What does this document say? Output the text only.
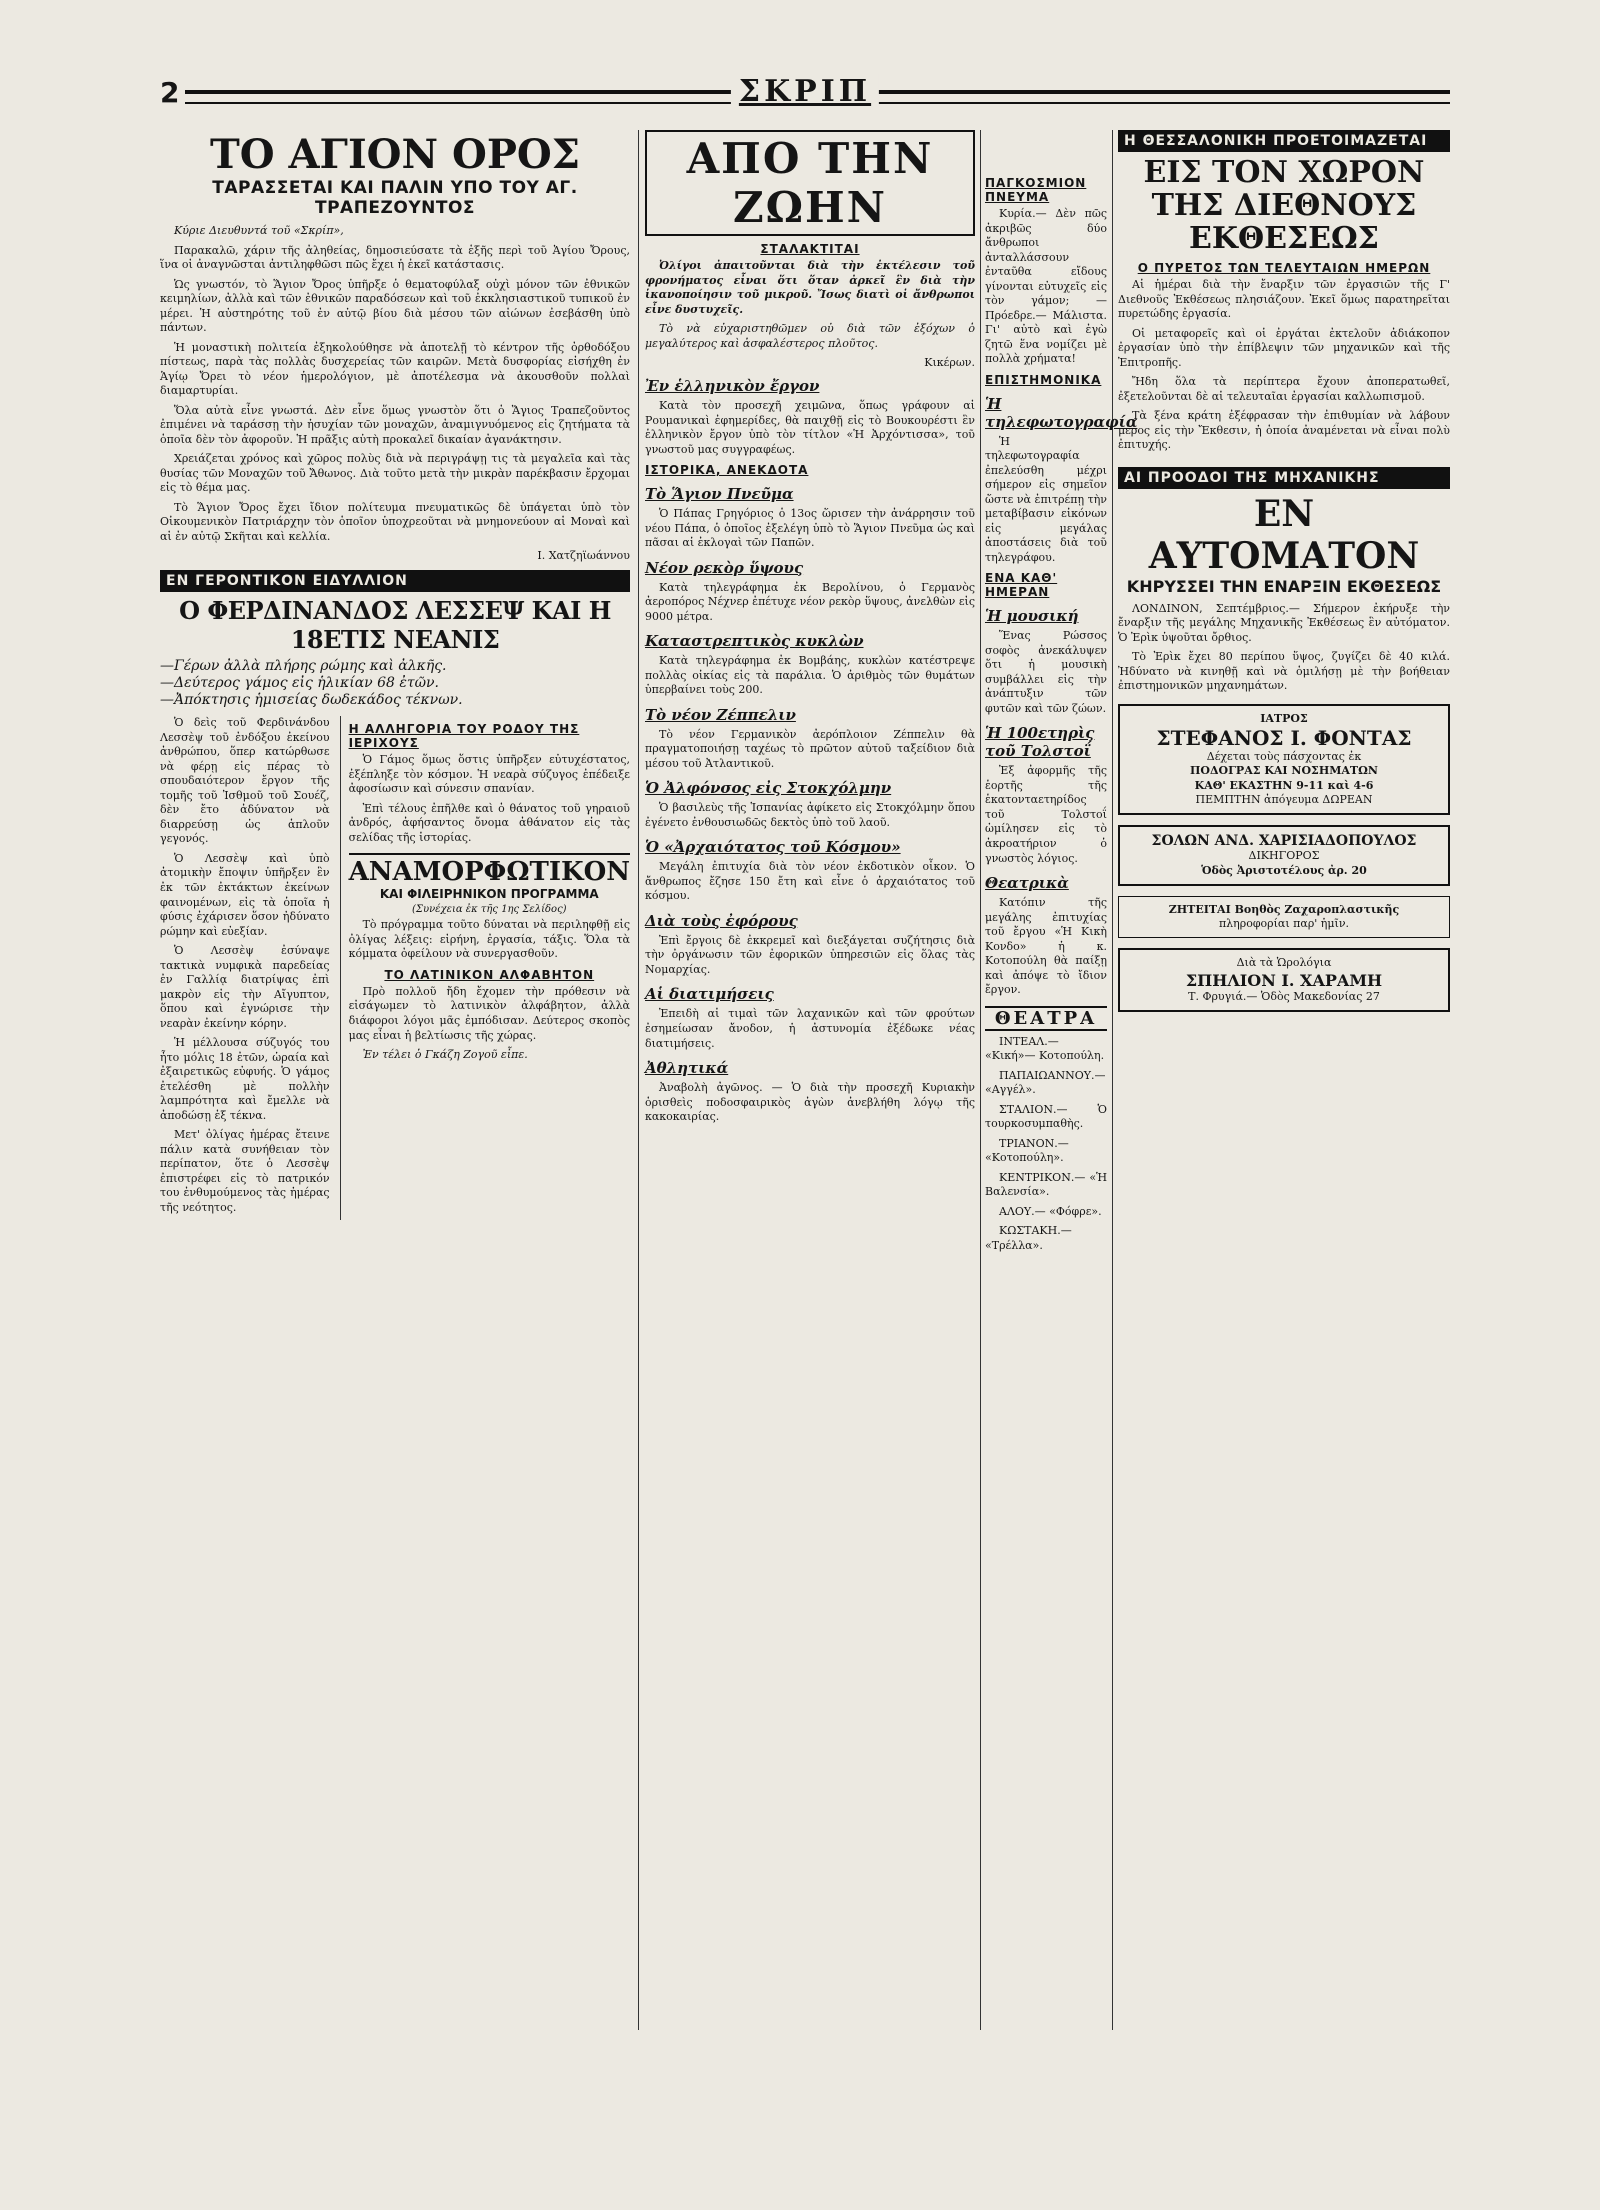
2	ΣΚΡΙΠ
ΤΟ ΑΓΙΟΝ ΟΡΟΣ
ΤΑΡΑΣΣΕΤΑΙ ΚΑΙ ΠΑΛΙΝ ΥΠΟ ΤΟΥ ΑΓ. ΤΡΑΠΕΖΟΥΝΤΟΣ

Κύριε Διευθυντά τοῦ «Σκρίπ»,

Παρακαλῶ, χάριν τῆς ἀληθείας, δημοσιεύσατε τὰ ἑξῆς περὶ τοῦ Ἁγίου Ὄρους, ἵνα οἱ ἀναγνῶσται ἀντιληφθῶσι πῶς ἔχει ἡ ἐκεῖ κατάστασις.

Ὡς γνωστόν, τὸ Ἅγιον Ὄρος ὑπῆρξε ὁ θεματοφύλαξ οὐχὶ μόνον τῶν ἐθνικῶν κειμηλίων, ἀλλὰ καὶ τῶν ἐθνικῶν παραδόσεων καὶ τοῦ ἐκκλησιαστικοῦ τυπικοῦ ἐν μέρει. Ἡ αὐστηρότης τοῦ ἐν αὐτῷ βίου διὰ μέσου τῶν αἰώνων ἐσεβάσθη ὑπὸ πάντων.

Ἡ μοναστικὴ πολιτεία ἐξηκολούθησε νὰ ἀποτελῇ τὸ κέντρον τῆς ὀρθοδόξου πίστεως, παρὰ τὰς πολλὰς δυσχερείας τῶν καιρῶν. Μετὰ δυσφορίας εἰσήχθη ἐν Ἁγίῳ Ὄρει τὸ νέον ἡμερολόγιον, μὲ ἀποτέλεσμα νὰ ἀκουσθοῦν πολλαὶ διαμαρτυρίαι.

Ὅλα αὐτὰ εἶνε γνωστά. Δὲν εἶνε ὅμως γνωστὸν ὅτι ὁ Ἅγιος Τραπεζοῦντος ἐπιμένει νὰ ταράσσῃ τὴν ἡσυχίαν τῶν μοναχῶν, ἀναμιγνυόμενος εἰς ζητήματα τὰ ὁποῖα δὲν τὸν ἀφοροῦν. Ἡ πρᾶξις αὐτὴ προκαλεῖ δικαίαν ἀγανάκτησιν.

Χρειάζεται χρόνος καὶ χῶρος πολὺς διὰ νὰ περιγράψῃ τις τὰ μεγαλεῖα καὶ τὰς θυσίας τῶν Μοναχῶν τοῦ Ἄθωνος. Διὰ τοῦτο μετὰ τὴν μικρὰν παρέκβασιν ἔρχομαι εἰς τὸ θέμα μας.

Τὸ Ἅγιον Ὄρος ἔχει ἴδιον πολίτευμα πνευματικῶς δὲ ὑπάγεται ὑπὸ τὸν Οἰκουμενικὸν Πατριάρχην τὸν ὁποῖον ὑποχρεοῦται νὰ μνημονεύουν αἱ Μοναὶ καὶ αἱ ἐν αὐτῷ Σκῆται καὶ κελλία.

Ι. Χατζηϊωάννου
ΕΝ ΓΕΡΟΝΤΙΚΟΝ ΕΙΔΥΛΛΙΟΝ
Ο ΦΕΡΔΙΝΑΝΔΟΣ ΛΕΣΣΕΨ ΚΑΙ Η 18ΕΤΙΣ ΝΕΑΝΙΣ
—Γέρων ἀλλὰ πλήρης ρώμης καὶ ἀλκῆς.
—Δεύτερος γάμος εἰς ἡλικίαν 68 ἐτῶν.
—Ἀπόκτησις ἡμισείας δωδεκάδος τέκνων.

Ὁ δεὶς τοῦ Φερδινάνδου Λεσσὲψ τοῦ ἐνδόξου ἐκείνου ἀνθρώπου, ὅπερ κατώρθωσε νὰ φέρῃ εἰς πέρας τὸ σπουδαιότερον ἔργον τῆς τομῆς τοῦ Ἰσθμοῦ τοῦ Σουέζ, δὲν ἔτο ἀδύνατον νὰ διαρρεύσῃ ὡς ἁπλοῦν γεγονός.

Ὁ Λεσσὲψ καὶ ὑπὸ ἀτομικὴν ἔποψιν ὑπῆρξεν ἓν ἐκ τῶν ἐκτάκτων ἐκείνων φαινομένων, εἰς τὰ ὁποῖα ἡ φύσις ἐχάρισεν ὅσον ἠδύνατο ρώμην καὶ εὐεξίαν.

Ὁ Λεσσὲψ ἐσύναψε τακτικὰ νυμφικὰ παρεδείας ἐν Γαλλίᾳ διατρίψας ἐπὶ μακρὸν εἰς τὴν Αἴγυπτον, ὅπου καὶ ἐγνώρισε τὴν νεαρὰν ἐκείνην κόρην.

Ἡ μέλλουσα σύζυγός του ἦτο μόλις 18 ἐτῶν, ὡραία καὶ ἐξαιρετικῶς εὐφυής. Ὁ γάμος ἐτελέσθη μὲ πολλὴν λαμπρότητα καὶ ἔμελλε νὰ ἀποδώσῃ ἑξ τέκνα.

Μετ' ὀλίγας ἡμέρας ἔτεινε πάλιν κατὰ συνήθειαν τὸν περίπατον, ὅτε ὁ Λεσσὲψ ἐπιστρέφει εἰς τὸ πατρικόν του ἐνθυμούμενος τὰς ἡμέρας τῆς νεότητος.

Η ΑΛΛΗΓΟΡΙΑ ΤΟΥ ΡΟΔΟΥ ΤΗΣ ΙΕΡΙΧΟΥΣ

Ὁ Γάμος ὅμως ὅστις ὑπῆρξεν εὐτυχέστατος, ἐξέπληξε τὸν κόσμον. Ἡ νεαρὰ σύζυγος ἐπέδειξε ἀφοσίωσιν καὶ σύνεσιν σπανίαν.

Ἐπὶ τέλους ἐπῆλθε καὶ ὁ θάνατος τοῦ γηραιοῦ ἀνδρός, ἀφήσαντος ὄνομα ἀθάνατον εἰς τὰς σελίδας τῆς ἱστορίας.

ΑΝΑΜΟΡΦΩΤΙΚΟΝ
ΚΑΙ ΦΙΛΕΙΡΗΝΙΚΟΝ ΠΡΟΓΡΑΜΜΑ
(Συνέχεια ἐκ τῆς 1ης Σελίδος)

Τὸ πρόγραμμα τοῦτο δύναται νὰ περιληφθῇ εἰς ὀλίγας λέξεις: εἰρήνη, ἐργασία, τάξις. Ὅλα τὰ κόμματα ὀφείλουν νὰ συνεργασθοῦν.

ΤΟ ΛΑΤΙΝΙΚΟΝ ΑΛΦΑΒΗΤΟΝ

Πρὸ πολλοῦ ἤδη ἔχομεν τὴν πρόθεσιν νὰ εἰσάγωμεν τὸ λατινικὸν ἀλφάβητον, ἀλλὰ διάφοροι λόγοι μᾶς ἐμπόδισαν. Δεύτερος σκοπὸς μας εἶναι ἡ βελτίωσις τῆς χώρας.

Ἐν τέλει ὁ Γκάζη Ζογοῦ εἶπε.

ΑΠΟ ΤΗΝ ΖΩΗΝ
ΣΤΑΛΑΚΤΙΤΑΙ

Ὀλίγοι ἀπαιτοῦνται διὰ τὴν ἐκτέλεσιν τοῦ φρονήματος εἶναι ὅτι ὅταν ἀρκεῖ ἓν διὰ τὴν ἱκανοποίησιν τοῦ μικροῦ. Ἴσως διατὶ οἱ ἄνθρωποι εἶνε δυστυχεῖς.

Τὸ νὰ εὐχαριστηθῶμεν οὐ διὰ τῶν ἐξόχων ὁ μεγαλύτερος καὶ ἀσφαλέστερος πλοῦτος.

Κικέρων.
Ἐν ἑλληνικὸν ἔργον

Κατὰ τὸν προσεχῆ χειμῶνα, ὅπως γράφουν αἱ Ρουμανικαὶ ἐφημερίδες, θὰ παιχθῇ εἰς τὸ Βουκουρέστι ἓν ἑλληνικὸν ἔργον ὑπὸ τὸν τίτλον «Ἡ Ἀρχόντισσα», τοῦ γνωστοῦ μας συγγραφέως.

ΙΣΤΟΡΙΚΑ, ΑΝΕΚΔΟΤΑ
Τὸ Ἅγιον Πνεῦμα

Ὁ Πάπας Γρηγόριος ὁ 13ος ὥρισεν τὴν ἀνάρρησιν τοῦ νέου Πάπα, ὁ ὁποῖος ἐξελέγη ὑπὸ τὸ Ἅγιον Πνεῦμα ὡς καὶ πᾶσαι αἱ ἐκλογαὶ τῶν Παπῶν.

Νέον ρεκὸρ ὕψους

Κατὰ τηλεγράφημα ἐκ Βερολίνου, ὁ Γερμανὸς ἀεροπόρος Νέχνερ ἐπέτυχε νέον ρεκὸρ ὕψους, ἀνελθὼν εἰς 9000 μέτρα.

Καταστρεπτικὸς κυκλὼν

Κατὰ τηλεγράφημα ἐκ Βομβάης, κυκλὼν κατέστρεψε πολλὰς οἰκίας εἰς τὰ παράλια. Ὁ ἀριθμὸς τῶν θυμάτων ὑπερβαίνει τοὺς 200.

Τὸ νέον Ζέππελιν

Τὸ νέον Γερμανικὸν ἀερόπλοιον Ζέππελιν θὰ πραγματοποιήσῃ ταχέως τὸ πρῶτον αὐτοῦ ταξείδιον διὰ μέσου τοῦ Ἀτλαντικοῦ.

Ὁ Ἀλφόνσος εἰς Στοκχόλμην

Ὁ βασιλεὺς τῆς Ἱσπανίας ἀφίκετο εἰς Στοκχόλμην ὅπου ἐγένετο ἐνθουσιωδῶς δεκτὸς ὑπὸ τοῦ λαοῦ.

Ὁ «Ἀρχαιότατος τοῦ Κόσμου»

Μεγάλη ἐπιτυχία διὰ τὸν νέον ἐκδοτικὸν οἶκον. Ὁ ἄνθρωπος ἔζησε 150 ἔτη καὶ εἶνε ὁ ἀρχαιότατος τοῦ κόσμου.

Διὰ τοὺς ἐφόρους

Ἐπὶ ἔργοις δὲ ἐκκρεμεῖ καὶ διεξάγεται συζήτησις διὰ τὴν ὀργάνωσιν τῶν ἐφορικῶν ὑπηρεσιῶν εἰς ὅλας τὰς Νομαρχίας.

Αἱ διατιμήσεις

Ἐπειδὴ αἱ τιμαὶ τῶν λαχανικῶν καὶ τῶν φρούτων ἐσημείωσαν ἄνοδον, ἡ ἀστυνομία ἐξέδωκε νέας διατιμήσεις.

Ἀθλητικά

Ἀναβολὴ ἀγῶνος. — Ὁ διὰ τὴν προσεχῆ Κυριακὴν ὁρισθεὶς ποδοσφαιρικὸς ἀγὼν ἀνεβλήθη λόγῳ τῆς κακοκαιρίας.

ΠΑΓΚΟΣΜΙΟΝ ΠΝΕΥΜΑ

Κυρία.— Δὲν πῶς ἀκριβῶς δύο ἄνθρωποι ἀνταλλάσσουν ἐνταῦθα εἴδους γίνονται εὐτυχεῖς εἰς τὸν γάμον; — Πρόεδρε.— Μάλιστα. Γι' αὐτὸ καὶ ἐγὼ ζητῶ ἕνα νομίζει μὲ πολλὰ χρήματα!

ΕΠΙΣΤΗΜΟΝΙΚΑ
Ἡ τηλεφωτογραφία

Ἡ τηλεφωτογραφία ἐπελεύσθη μέχρι σήμερον εἰς σημεῖον ὥστε νὰ ἐπιτρέπῃ τὴν μεταβίβασιν εἰκόνων εἰς μεγάλας ἀποστάσεις διὰ τοῦ τηλεγράφου.

ΕΝΑ ΚΑΘ' ΗΜΕΡΑΝ
Ἡ μουσική

Ἕνας Ρώσσος σοφὸς ἀνεκάλυψεν ὅτι ἡ μουσικὴ συμβάλλει εἰς τὴν ἀνάπτυξιν τῶν φυτῶν καὶ τῶν ζώων.

Ἡ 100ετηρὶς τοῦ Τολστοΐ

Ἐξ ἀφορμῆς τῆς ἑορτῆς τῆς ἑκατονταετηρίδος τοῦ Τολστοΐ ὡμίλησεν εἰς τὸ ἀκροατήριον ὁ γνωστὸς λόγιος.

Θεατρικὰ

Κατόπιν τῆς μεγάλης ἐπιτυχίας τοῦ ἔργου «Ἡ Κικὴ Κονδο» ἡ κ. Κοτοπούλη θὰ παίξῃ καὶ ἀπόψε τὸ ἴδιον ἔργον.

ΘΕΑΤΡΑ

ΙΝΤΕΑΛ.— «Κική»— Κοτοπούλη.

ΠΑΠΑΙΩΑΝΝΟΥ.— «Αγγέλ».

ΣΤΑΛΙΟΝ.— Ὁ τουρκοσυμπαθὴς.

ΤΡΙΑΝΟΝ.— «Κοτοπούλη».

ΚΕΝΤΡΙΚΟΝ.— «Ἡ Βαλενσία».

ΑΛΟΥ.— «Φόφρε».

ΚΩΣΤΑΚΗ.— «Τρέλλα».

Η ΘΕΣΣΑΛΟΝΙΚΗ ΠΡΟΕΤΟΙΜΑΖΕΤΑΙ
ΕΙΣ ΤΟΝ ΧΩΡΟΝ ΤΗΣ ΔΙΕΘΝΟΥΣ ΕΚΘΕΣΕΩΣ
Ο ΠΥΡΕΤΟΣ ΤΩΝ ΤΕΛΕΥΤΑΙΩΝ ΗΜΕΡΩΝ

Αἱ ἡμέραι διὰ τὴν ἔναρξιν τῶν ἐργασιῶν τῆς Γ' Διεθνοῦς Ἐκθέσεως πλησιάζουν. Ἐκεῖ ὅμως παρατηρεῖται πυρετώδης ἐργασία.

Οἱ μεταφορεῖς καὶ οἱ ἐργάται ἐκτελοῦν ἀδιάκοπον ἐργασίαν ὑπὸ τὴν ἐπίβλεψιν τῶν μηχανικῶν καὶ τῆς Ἐπιτροπῆς.

Ἤδη ὅλα τὰ περίπτερα ἔχουν ἀποπερατωθεῖ, ἐξετελοῦνται δὲ αἱ τελευταῖαι ἐργασίαι καλλωπισμοῦ.

Τὰ ξένα κράτη ἐξέφρασαν τὴν ἐπιθυμίαν νὰ λάβουν μέρος εἰς τὴν Ἔκθεσιν, ἡ ὁποία ἀναμένεται νὰ εἶναι πολὺ ἐπιτυχής.

ΑΙ ΠΡΟΟΔΟΙ ΤΗΣ ΜΗΧΑΝΙΚΗΣ
ΕΝ ΑΥΤΟΜΑΤΟΝ
ΚΗΡΥΣΣΕΙ ΤΗΝ ΕΝΑΡΞΙΝ ΕΚΘΕΣΕΩΣ

ΛΟΝΔΙΝΟΝ, Σεπτέμβριος.— Σήμερον ἐκήρυξε τὴν ἔναρξιν τῆς μεγάλης Μηχανικῆς Ἐκθέσεως ἓν αὐτόματον. Ὁ Ἐρὶκ ὑψοῦται ὄρθιος.

Τὸ Ἐρὶκ ἔχει 80 περίπου ὕψος, ζυγίζει δὲ 40 κιλά. Ἠδύνατο νὰ κινηθῇ καὶ νὰ ὁμιλήσῃ μὲ τὴν βοήθειαν ἐπιστημονικῶν μηχανημάτων.

ΙΑΤΡΟΣ
ΣΤΕΦΑΝΟΣ Ι. ΦΟΝΤΑΣ
Δέχεται τοὺς πάσχοντας ἐκ
ΠΟΔΟΓΡΑΣ ΚΑΙ ΝΟΣΗΜΑΤΩΝ
ΚΑΘ' ΕΚΑΣΤΗΝ 9-11 καὶ 4-6
ΠΕΜΠΤΗΝ ἀπόγευμα ΔΩΡΕΑΝ
ΣΟΛΩΝ ΑΝΔ. ΧΑΡΙΣΙΑΔΟΠΟΥΛΟΣ
ΔΙΚΗΓΟΡΟΣ
Ὁδὸς Ἀριστοτέλους ἀρ. 20
ΖΗΤΕΙΤΑΙ Βοηθὸς Ζαχαροπλαστικῆς
πληροφορίαι παρ' ἡμῖν.
Διὰ τὰ Ὡρολόγια
ΣΠΗΛΙΟΝ Ι. ΧΑΡΑΜΗ
Τ. Φρυγιά.— Ὁδὸς Μακεδονίας 27
